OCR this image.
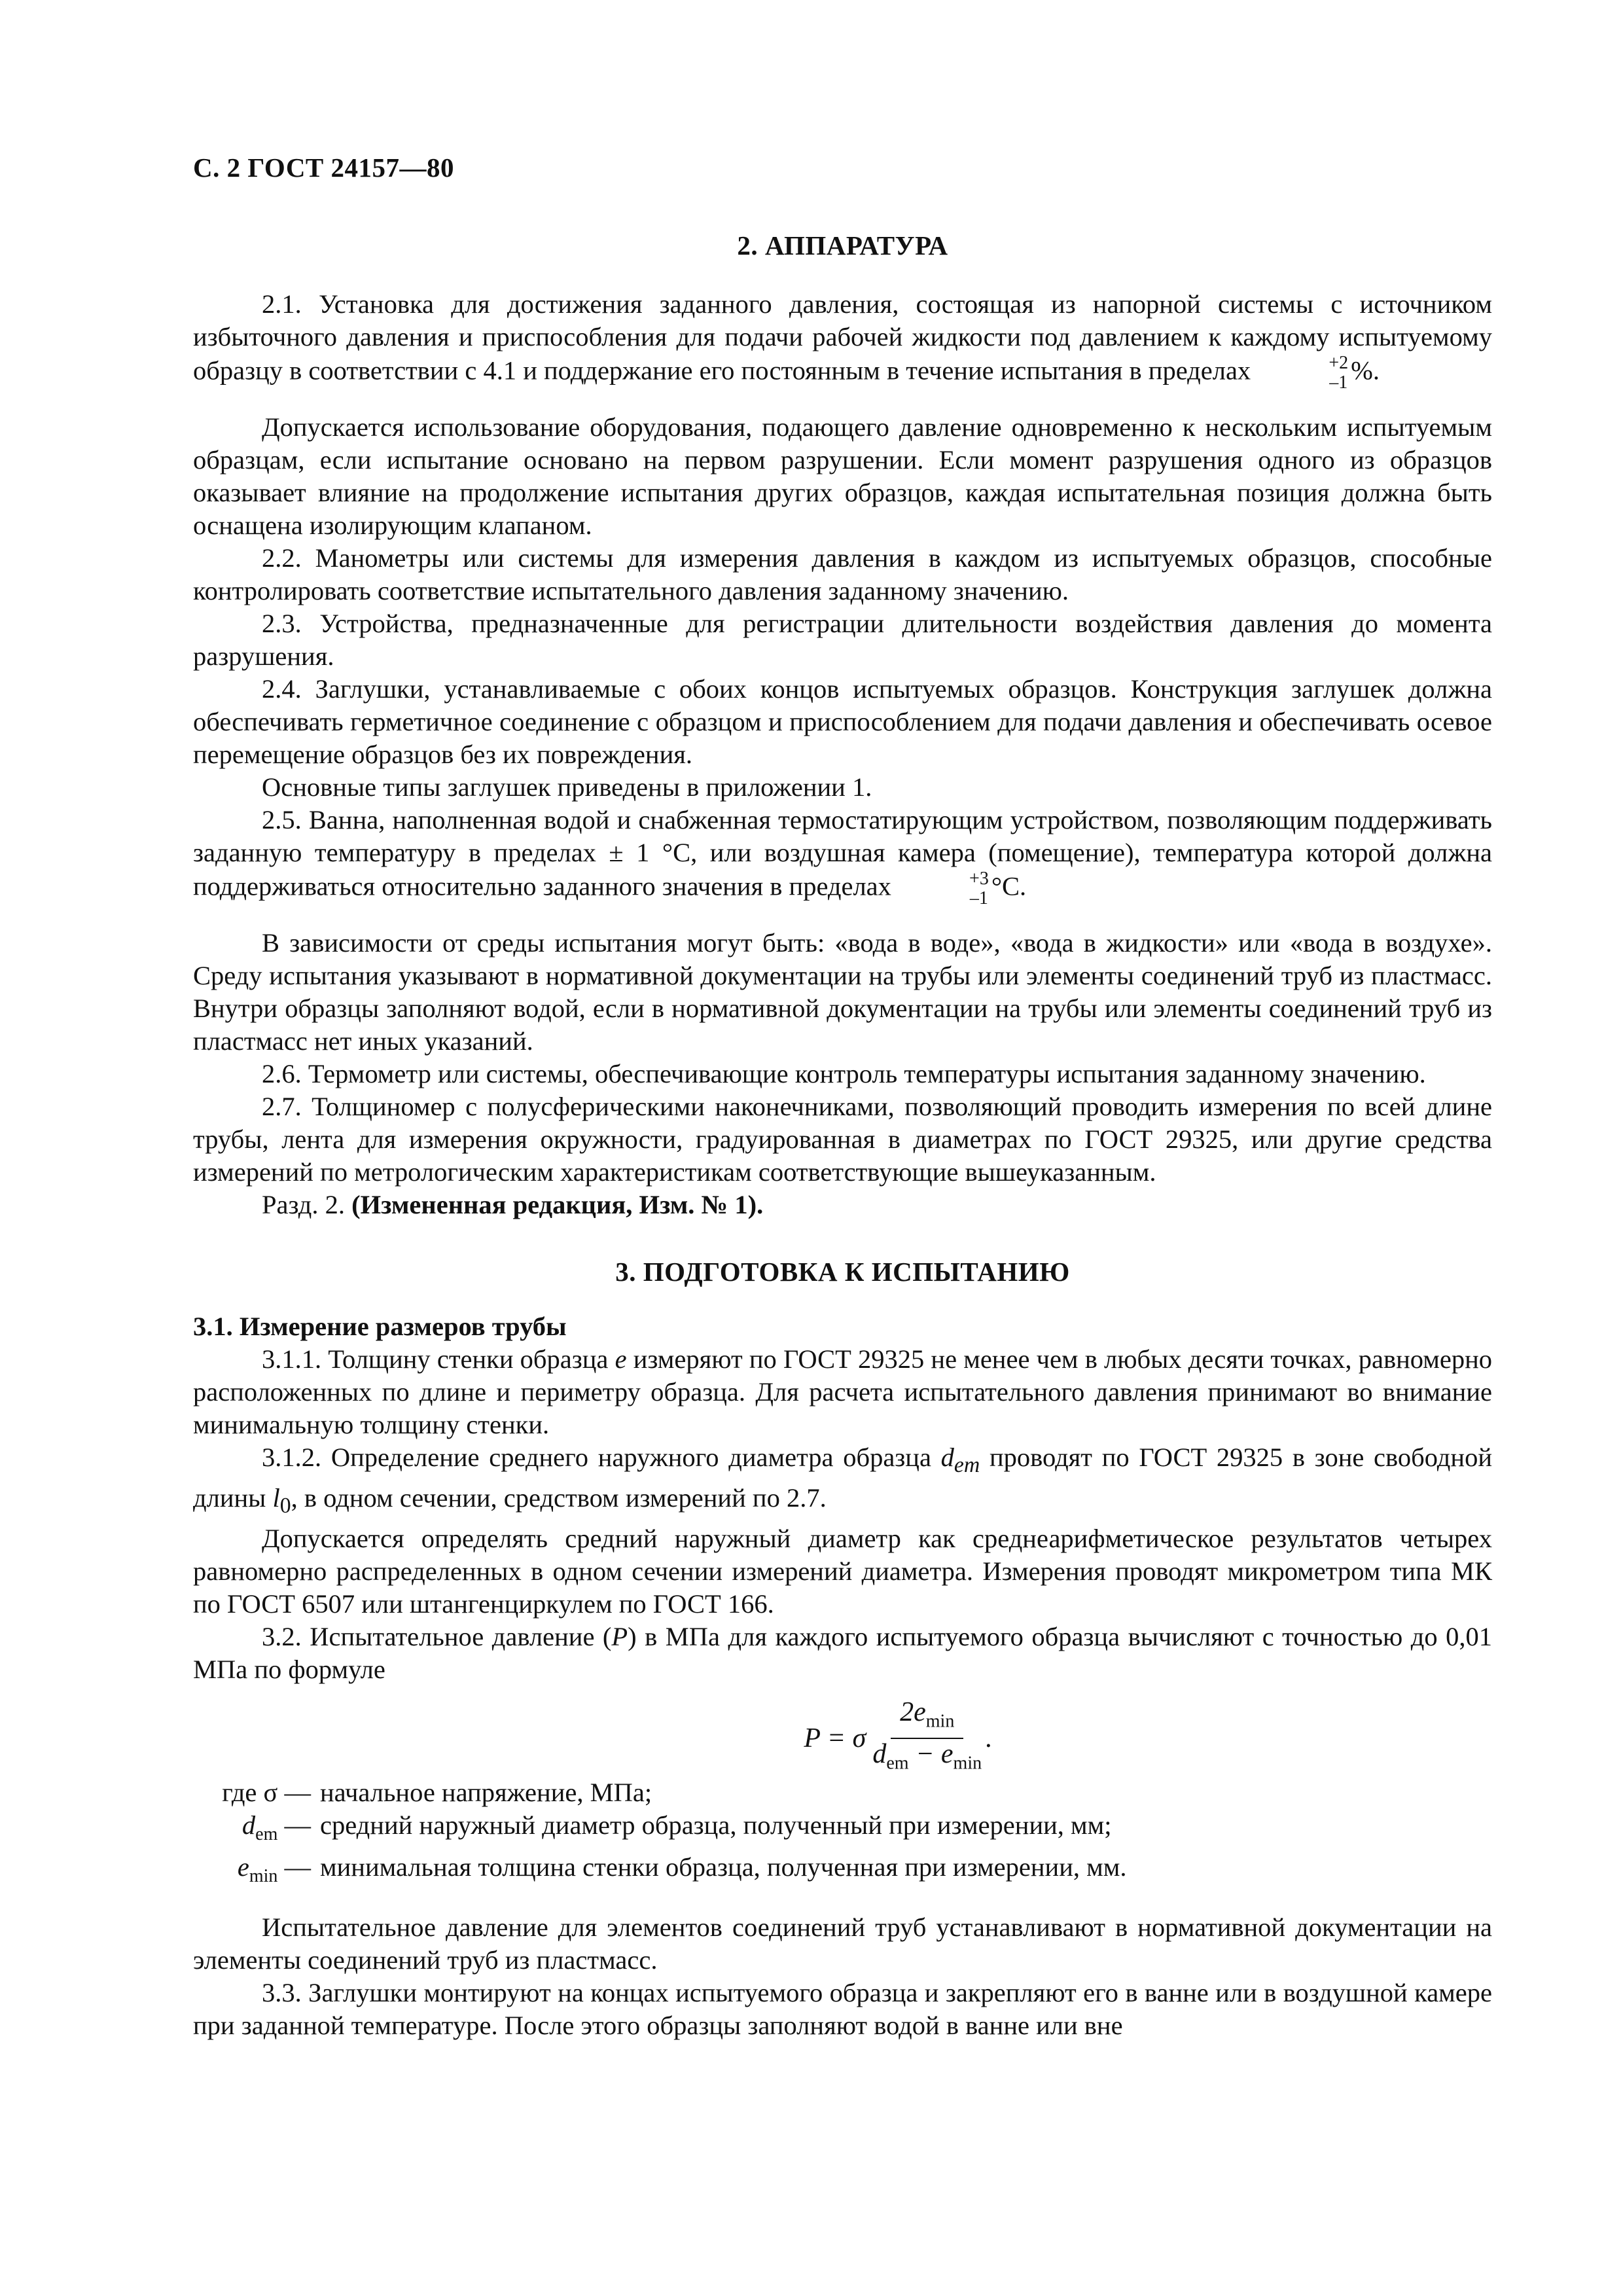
С. 2 ГОСТ 24157—80
2. АППАРАТУРА

2.1. Установка для достижения заданного давления, состоящая из напорной системы с источником избыточного давления и приспособления для подачи рабочей жидкости под давлением к каждому испытуемому образцу в соответствии с 4.1 и поддержание его постоянным в течение испытания в пределах	+2
–1 %.

Допускается использование оборудования, подающего давление одновременно к нескольким испытуемым образцам, если испытание основано на первом разрушении. Если момент разрушения одного из образцов оказывает влияние на продолжение испытания других образцов, каждая испытательная позиция должна быть оснащена изолирующим клапаном.

2.2. Манометры или системы для измерения давления в каждом из испытуемых образцов, способные контролировать соответствие испытательного давления заданному значению.

2.3. Устройства, предназначенные для регистрации длительности воздействия давления до момента разрушения.

2.4. Заглушки, устанавливаемые с обоих концов испытуемых образцов. Конструкция заглушек должна обеспечивать герметичное соединение с образцом и приспособлением для подачи давления и обеспечивать осевое перемещение образцов без их повреждения.

Основные типы заглушек приведены в приложении 1.

2.5. Ванна, наполненная водой и снабженная термостатирующим устройством, позволяющим поддерживать заданную температуру в пределах ± 1 °С, или воздушная камера (помещение), температура которой должна поддерживаться относительно заданного значения в пределах	+3
–1 °С.

В зависимости от среды испытания могут быть: «вода в воде», «вода в жидкости» или «вода в воздухе». Среду испытания указывают в нормативной документации на трубы или элементы соединений труб из пластмасс. Внутри образцы заполняют водой, если в нормативной документации на трубы или элементы соединений труб из пластмасс нет иных указаний.

2.6. Термометр или системы, обеспечивающие контроль температуры испытания заданному значению.

2.7. Толщиномер с полусферическими наконечниками, позволяющий проводить измерения по всей длине трубы, лента для измерения окружности, градуированная в диаметрах по ГОСТ 29325, или другие средства измерений по метрологическим характеристикам соответствующие вышеуказанным.

Разд. 2. (Измененная редакция, Изм. № 1).

3. ПОДГОТОВКА К ИСПЫТАНИЮ

3.1. Измерение размеров трубы

3.1.1. Толщину стенки образца e измеряют по ГОСТ 29325 не менее чем в любых десяти точках, равномерно расположенных по длине и периметру образца. Для расчета испытательного давления принимают во внимание минимальную толщину стенки.

3.1.2. Определение среднего наружного диаметра образца $d_{em}$ проводят по ГОСТ 29325 в зоне свободной длины $l_0$, в одном сечении, средством измерений по 2.7.

Допускается определять средний наружный диаметр как среднеарифметическое результатов четырех равномерно распределенных в одном сечении измерений диаметра. Измерения проводят микрометром типа МК по ГОСТ 6507 или штангенциркулем по ГОСТ 166.

3.2. Испытательное давление (P) в МПа для каждого испытуемого образца вычисляют с точностью до 0,01 МПа по формуле

P = σ $\frac{2e_{min}}{d_{em} - e_{min}}$ .
где σ — начальное напряжение, МПа;
$d_{em}$ — средний наружный диаметр образца, полученный при измерении, мм;
$e_{min}$ — минимальная толщина стенки образца, полученная при измерении, мм.

Испытательное давление для элементов соединений труб устанавливают в нормативной документации на элементы соединений труб из пластмасс.

3.3. Заглушки монтируют на концах испытуемого образца и закрепляют его в ванне или в воздушной камере при заданной температуре. После этого образцы заполняют водой в ванне или вне
